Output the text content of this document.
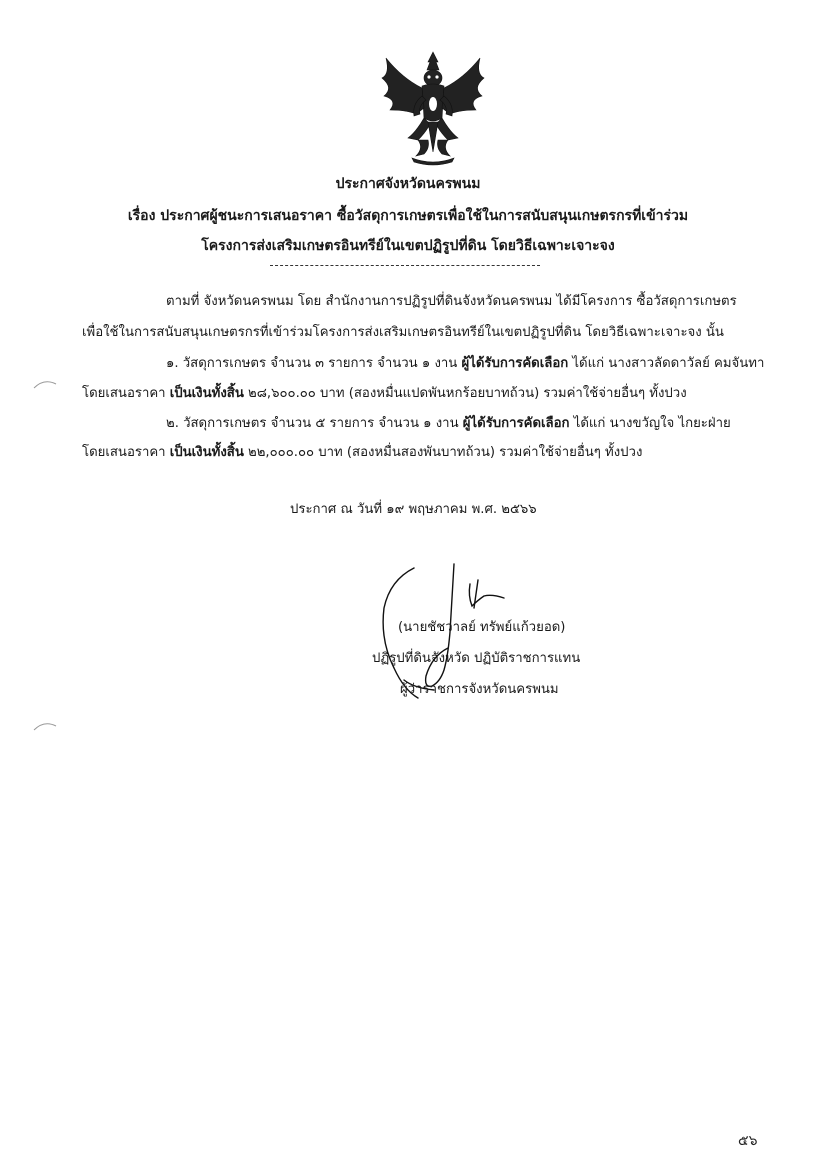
ประกาศจังหวัดนครพนม
เรื่อง ประกาศผู้ชนะการเสนอราคา ซื้อวัสดุการเกษตรเพื่อใช้ในการสนับสนุนเกษตรกรที่เข้าร่วม
โครงการส่งเสริมเกษตรอินทรีย์ในเขตปฏิรูปที่ดิน โดยวิธีเฉพาะเจาะจง
ตามที่ จังหวัดนครพนม โดย สำนักงานการปฏิรูปที่ดินจังหวัดนครพนม ได้มีโครงการ ซื้อวัสดุการเกษตร
เพื่อใช้ในการสนับสนุนเกษตรกรที่เข้าร่วมโครงการส่งเสริมเกษตรอินทรีย์ในเขตปฏิรูปที่ดิน โดยวิธีเฉพาะเจาะจง นั้น
๑. วัสดุการเกษตร จำนวน ๓ รายการ จำนวน ๑ งาน ผู้ได้รับการคัดเลือก ได้แก่ นางสาวลัดดาวัลย์ คมจันทา
โดยเสนอราคา เป็นเงินทั้งสิ้น ๒๘,๖๐๐.๐๐ บาท (สองหมื่นแปดพันหกร้อยบาทถ้วน) รวมค่าใช้จ่ายอื่นๆ ทั้งปวง
๒. วัสดุการเกษตร จำนวน ๕ รายการ จำนวน ๑ งาน ผู้ได้รับการคัดเลือก ได้แก่ นางขวัญใจ ไกยะฝ่าย
โดยเสนอราคา เป็นเงินทั้งสิ้น ๒๒,๐๐๐.๐๐ บาท (สองหมื่นสองพันบาทถ้วน) รวมค่าใช้จ่ายอื่นๆ ทั้งปวง
ประกาศ ณ วันที่ ๑๙ พฤษภาคม พ.ศ. ๒๕๖๖
(นายชัชวาลย์ ทรัพย์แก้วยอด)
ปฏิรูปที่ดินจังหวัด ปฏิบัติราชการแทน
ผู้ว่าราชการจังหวัดนครพนม
๕๖
